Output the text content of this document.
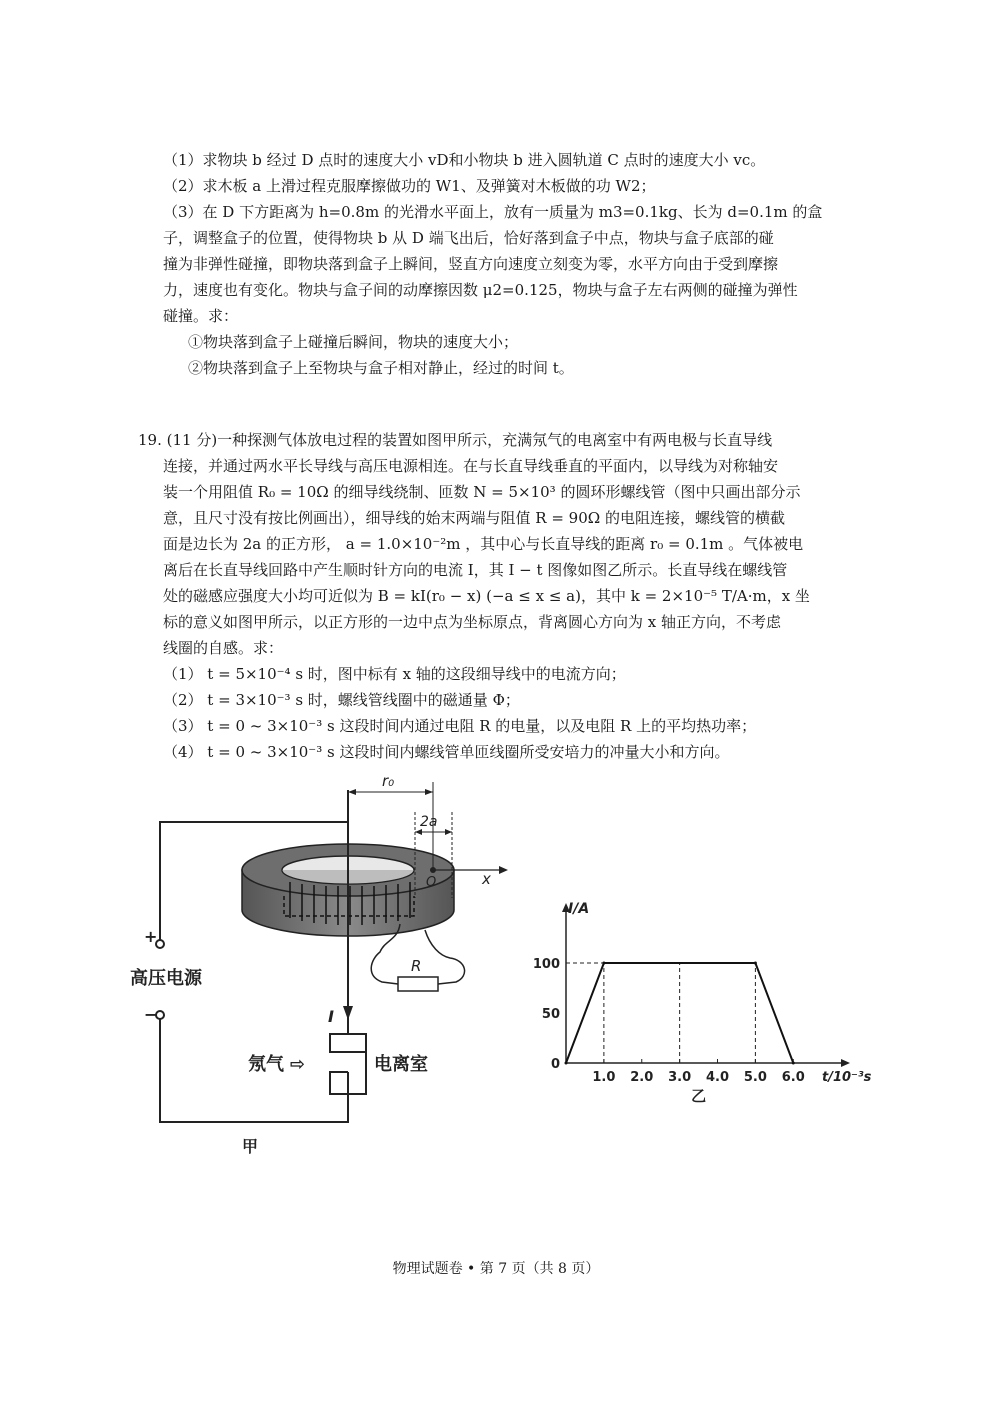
（1）求物块 b 经过 D 点时的速度大小 vD和小物块 b 进入圆轨道 C 点时的速度大小 vc。
（2）求木板 a 上滑过程克服摩擦做功的 W1、及弹簧对木板做的功 W2；
（3）在 D 下方距离为 h=0.8m 的光滑水平面上，放有一质量为 m3=0.1kg、长为 d=0.1m 的盒
子，调整盒子的位置，使得物块 b 从 D 端飞出后，恰好落到盒子中点，物块与盒子底部的碰
撞为非弹性碰撞，即物块落到盒子上瞬间，竖直方向速度立刻变为零，水平方向由于受到摩擦
力，速度也有变化。物块与盒子间的动摩擦因数 μ2=0.125，物块与盒子左右两侧的碰撞为弹性
碰撞。求：
①物块落到盒子上碰撞后瞬间，物块的速度大小；
②物块落到盒子上至物块与盒子相对静止，经过的时间 t。
19. (11 分)一种探测气体放电过程的装置如图甲所示，充满氖气的电离室中有两电极与长直导线
连接，并通过两水平长导线与高压电源相连。在与长直导线垂直的平面内，以导线为对称轴安
装一个用阻值 R₀ = 10Ω 的细导线绕制、匝数 N = 5×10³ 的圆环形螺线管（图中只画出部分示
意，且尺寸没有按比例画出），细导线的始末两端与阻值 R = 90Ω 的电阻连接，螺线管的横截
面是边长为 2a 的正方形， a = 1.0×10⁻²m ，其中心与长直导线的距离 r₀ = 0.1m 。气体被电
离后在长直导线回路中产生顺时针方向的电流 I，其 I − t 图像如图乙所示。长直导线在螺线管
处的磁感应强度大小均可近似为 B = kI(r₀ − x) (−a ≤ x ≤ a)，其中 k = 2×10⁻⁵ T/A·m，x 坐
标的意义如图甲所示，以正方形的一边中点为坐标原点，背离圆心方向为 x 轴正方向，不考虑
线圈的自感。求：
（1） t = 5×10⁻⁴ s 时，图中标有 x 轴的这段细导线中的电流方向；
（2） t = 3×10⁻³ s 时，螺线管线圈中的磁通量 Φ；
（3） t = 0 ~ 3×10⁻³ s 这段时间内通过电阻 R 的电量，以及电阻 R 上的平均热功率；
（4） t = 0 ~ 3×10⁻³ s 这段时间内螺线管单匝线圈所受安培力的冲量大小和方向。
+
高压电源
−
甲
I
r₀
2a
x
O
R
氖气 ⇨	电离室
I/A
t/10⁻³s
0
50
100
1.0 2.0 3.0 4.0 5.0 6.0
乙
物理试题卷 • 第 7 页（共 8 页）
